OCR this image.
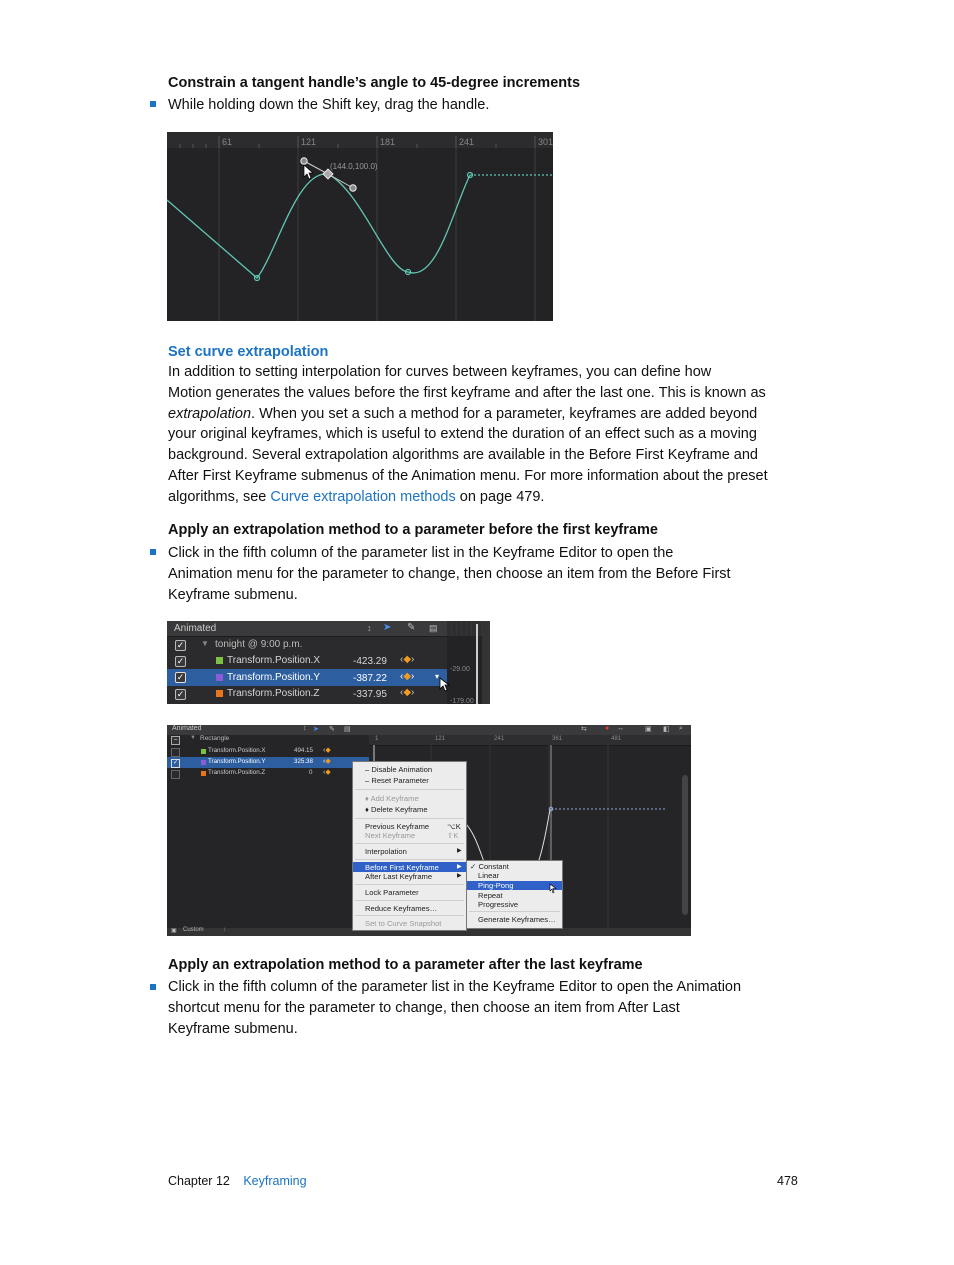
Constrain a tangent handle’s angle to 45-degree increments
While holding down the Shift key, drag the handle.
61	121	181	241	301
(144.0,100.0)
Set curve extrapolation
In addition to setting interpolation for curves between keyframes, you can define how
Motion generates the values before the first keyframe and after the last one. This is known as
extrapolation. When you set a such a method for a parameter, keyframes are added beyond
your original keyframes, which is useful to extend the duration of an effect such as a moving
background. Several extrapolation algorithms are available in the Before First Keyframe and
After First Keyframe submenus of the Animation menu. For more information about the preset
algorithms, see Curve extrapolation methods on page 479.
Apply an extrapolation method to a parameter before the first keyframe
Click in the fifth column of the parameter list in the Keyframe Editor to open the
Animation menu for the parameter to change, then choose an item from the Before First
Keyframe submenu.
Animated	↕ ➤ ✎ ▤
-29.00
-179.00
✓ ▼ tonight @ 9:00 p.m.
✓	Transform.Position.X	-423.29 ‹◆›
✓	Transform.Position.Y	-387.22 ‹◆›	▾
✓	Transform.Position.Z	-337.95 ‹◆›
Animated	↕ ➤ ✎ ▤	⇆	● ↔	▣ ◧ ⌕
1	121	241	361	481
–	▼ Rectangle
Transform.Position.X	494.15 ‹◆
✓	Transform.Position.Y	325.38 ‹◆
Transform.Position.Z	0 ‹◆
▣ Custom	↕
– Disable Animation
– Reset Parameter
♦ Add Keyframe
♦ Delete Keyframe
Previous Keyframe ⌥K
Next Keyframe	⇧K
Interpolation	▶
Before First Keyframe	▶
After Last Keyframe	▶
Lock Parameter
Reduce Keyframes…
Set to Curve Snapshot
✓ Constant
Linear
Ping-Pong
Repeat
Progressive
Generate Keyframes…
Apply an extrapolation method to a parameter after the last keyframe
Click in the fifth column of the parameter list in the Keyframe Editor to open the Animation
shortcut menu for the parameter to change, then choose an item from After Last
Keyframe submenu.
Chapter 12 Keyframing	478
